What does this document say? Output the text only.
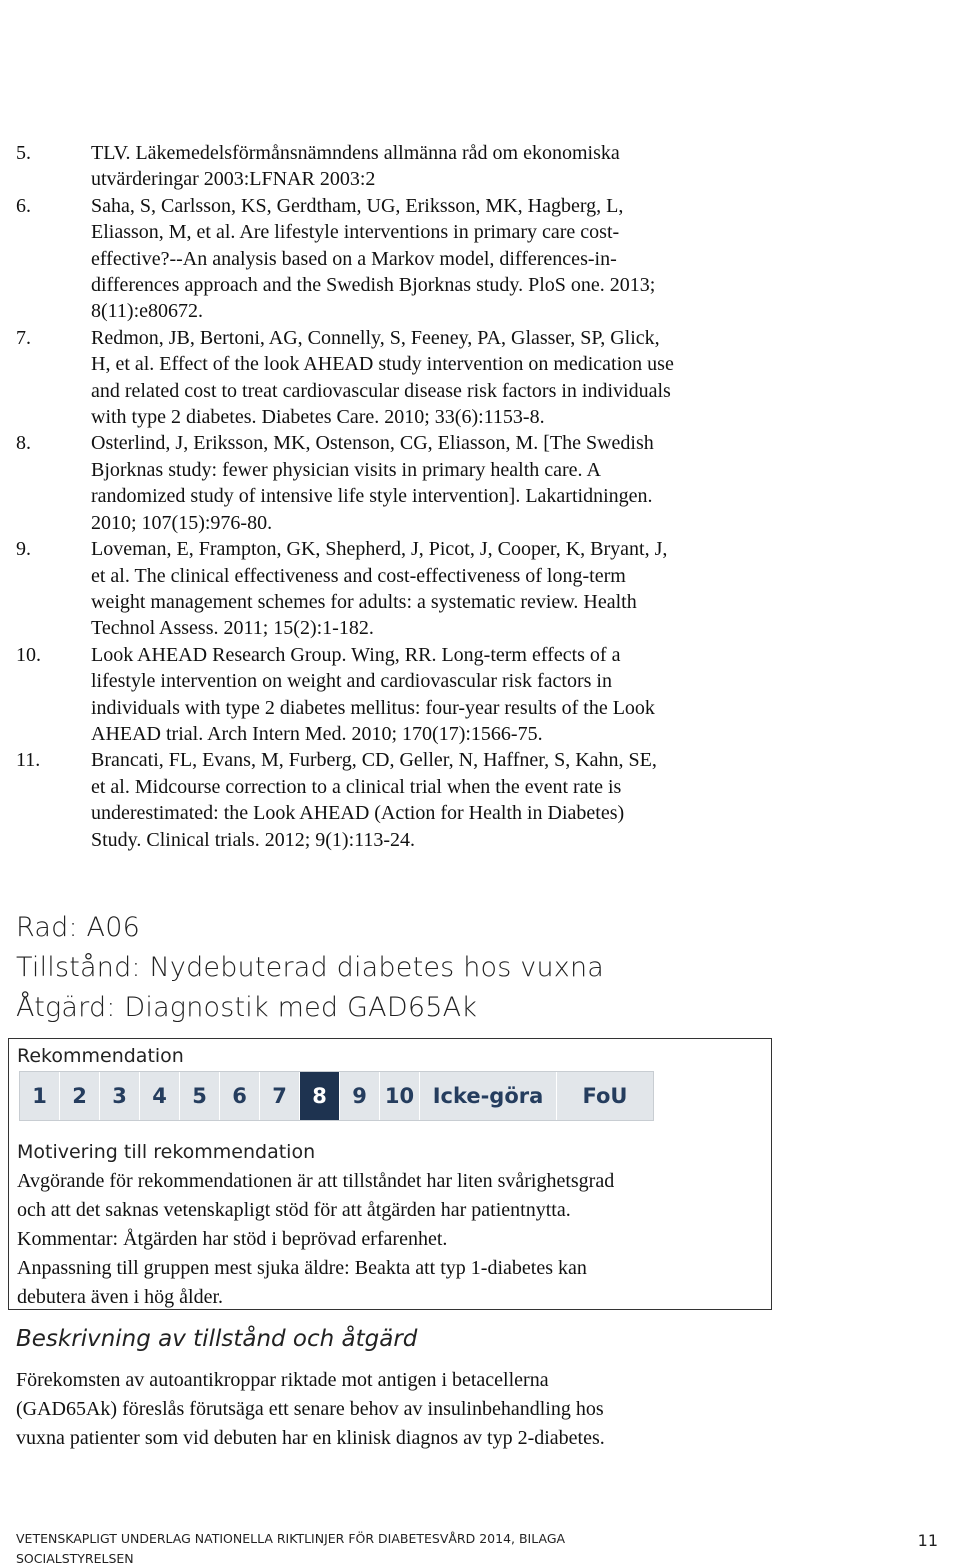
5.	TLV. Läkemedelsförmånsnämndens allmänna råd om ekonomiska
utvärderingar 2003:LFNAR 2003:2
6.	Saha, S, Carlsson, KS, Gerdtham, UG, Eriksson, MK, Hagberg, L,
Eliasson, M, et al. Are lifestyle interventions in primary care cost-
effective?--An analysis based on a Markov model, differences-in-
differences approach and the Swedish Bjorknas study. PloS one. 2013;
8(11):e80672.
7.	Redmon, JB, Bertoni, AG, Connelly, S, Feeney, PA, Glasser, SP, Glick,
H, et al. Effect of the look AHEAD study intervention on medication use
and related cost to treat cardiovascular disease risk factors in individuals
with type 2 diabetes. Diabetes Care. 2010; 33(6):1153-8.
8.	Osterlind, J, Eriksson, MK, Ostenson, CG, Eliasson, M. [The Swedish
Bjorknas study: fewer physician visits in primary health care. A
randomized study of intensive life style intervention]. Lakartidningen.
2010; 107(15):976-80.
9.	Loveman, E, Frampton, GK, Shepherd, J, Picot, J, Cooper, K, Bryant, J,
et al. The clinical effectiveness and cost-effectiveness of long-term
weight management schemes for adults: a systematic review. Health
Technol Assess. 2011; 15(2):1-182.
10.	Look AHEAD Research Group. Wing, RR. Long-term effects of a
lifestyle intervention on weight and cardiovascular risk factors in
individuals with type 2 diabetes mellitus: four-year results of the Look
AHEAD trial. Arch Intern Med. 2010; 170(17):1566-75.
11.	Brancati, FL, Evans, M, Furberg, CD, Geller, N, Haffner, S, Kahn, SE,
et al. Midcourse correction to a clinical trial when the event rate is
underestimated: the Look AHEAD (Action for Health in Diabetes)
Study. Clinical trials. 2012; 9(1):113-24.
Rad: A06
Tillstånd: Nydebuterad diabetes hos vuxna
Åtgärd: Diagnostik med GAD65Ak
Rekommendation
1	2	3	4	5	6	7	8	9 10 Icke-göra	FoU
Motivering till rekommendation
Avgörande för rekommendationen är att tillståndet har liten svårighetsgrad
och att det saknas vetenskapligt stöd för att åtgärden har patientnytta.
Kommentar: Åtgärden har stöd i beprövad erfarenhet.
Anpassning till gruppen mest sjuka äldre: Beakta att typ 1-diabetes kan
debutera även i hög ålder.
Beskrivning av tillstånd och åtgärd
Förekomsten av autoantikroppar riktade mot antigen i betacellerna
(GAD65Ak) föreslås förutsäga ett senare behov av insulinbehandling hos
vuxna patienter som vid debuten har en klinisk diagnos av typ 2-diabetes.
VETENSKAPLIGT UNDERLAG NATIONELLA RIKTLINJER FÖR DIABETESVÅRD 2014, BILAGA
SOCIALSTYRELSEN
11
